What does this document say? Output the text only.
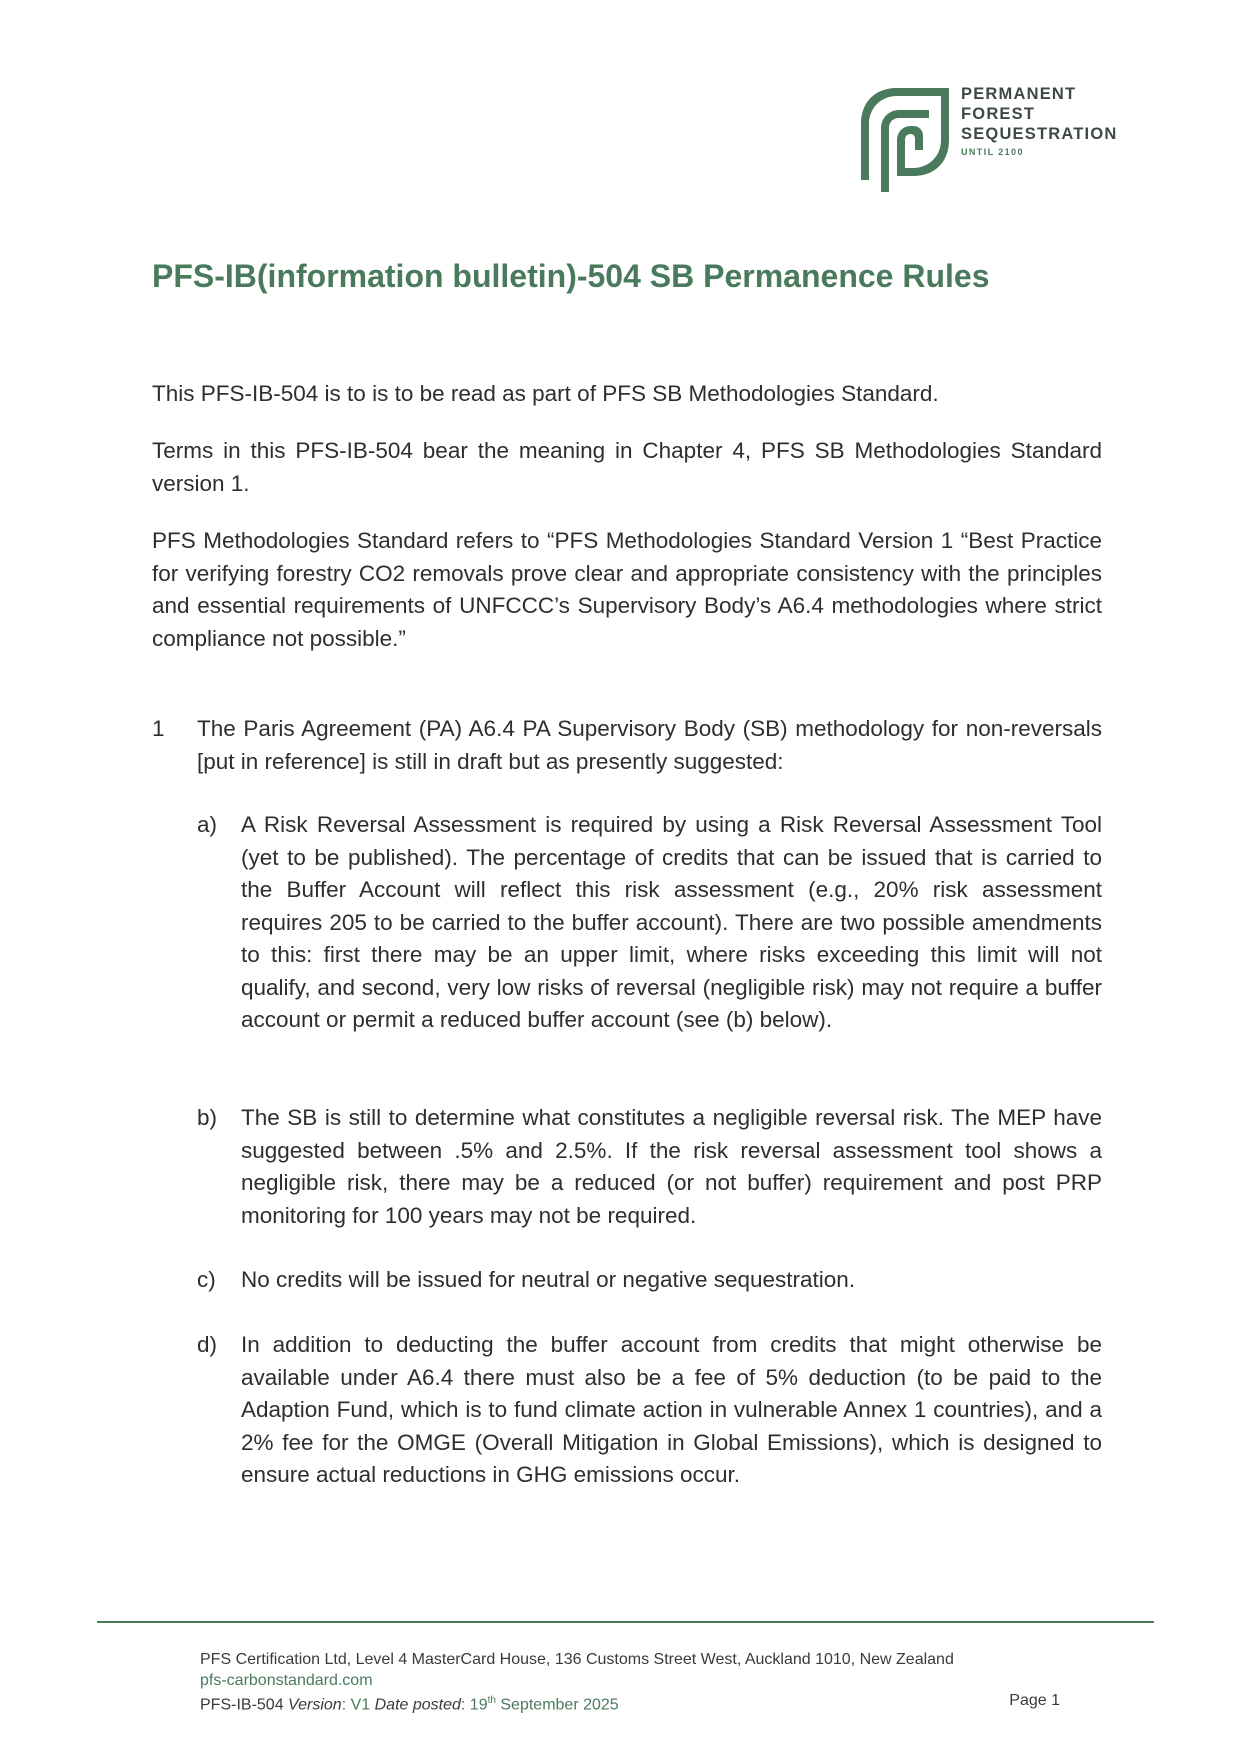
PERMANENT
FOREST
SEQUESTRATION
UNTIL 2100
PFS-IB(information bulletin)-504 SB Permanence Rules

This PFS-IB-504 is to is to be read as part of PFS SB Methodologies Standard.

Terms in this PFS-IB-504 bear the meaning in Chapter 4, PFS SB Methodologies Standard version 1.

PFS Methodologies Standard refers to “PFS Methodologies Standard Version 1 “Best Practice for verifying forestry CO2 removals prove clear and appropriate consistency with the principles and essential requirements of UNFCCC’s Supervisory Body’s A6.4 methodologies where strict compliance not possible.”

1 The Paris Agreement (PA) A6.4 PA Supervisory Body (SB) methodology for non-reversals [put in reference] is still in draft but as presently suggested:

a) A Risk Reversal Assessment is required by using a Risk Reversal Assessment Tool (yet to be published). The percentage of credits that can be issued that is carried to the Buffer Account will reflect this risk assessment (e.g., 20% risk assessment requires 205 to be carried to the buffer account). There are two possible amendments to this: first there may be an upper limit, where risks exceeding this limit will not qualify, and second, very low risks of reversal (negligible risk) may not require a buffer account or permit a reduced buffer account (see (b) below).

b) The SB is still to determine what constitutes a negligible reversal risk. The MEP have suggested between .5% and 2.5%. If the risk reversal assessment tool shows a negligible risk, there may be a reduced (or not buffer) requirement and post PRP monitoring for 100 years may not be required.

c) No credits will be issued for neutral or negative sequestration.

d) In addition to deducting the buffer account from credits that might otherwise be available under A6.4 there must also be a fee of 5% deduction (to be paid to the Adaption Fund, which is to fund climate action in vulnerable Annex 1 countries), and a 2% fee for the OMGE (Overall Mitigation in Global Emissions), which is designed to ensure actual reductions in GHG emissions occur.

PFS Certification Ltd, Level 4 MasterCard House, 136 Customs Street West, Auckland 1010, New Zealand
pfs-carbonstandard.com
PFS-IB-504 Version: V1 Date posted: 19th September 2025	Page 1
